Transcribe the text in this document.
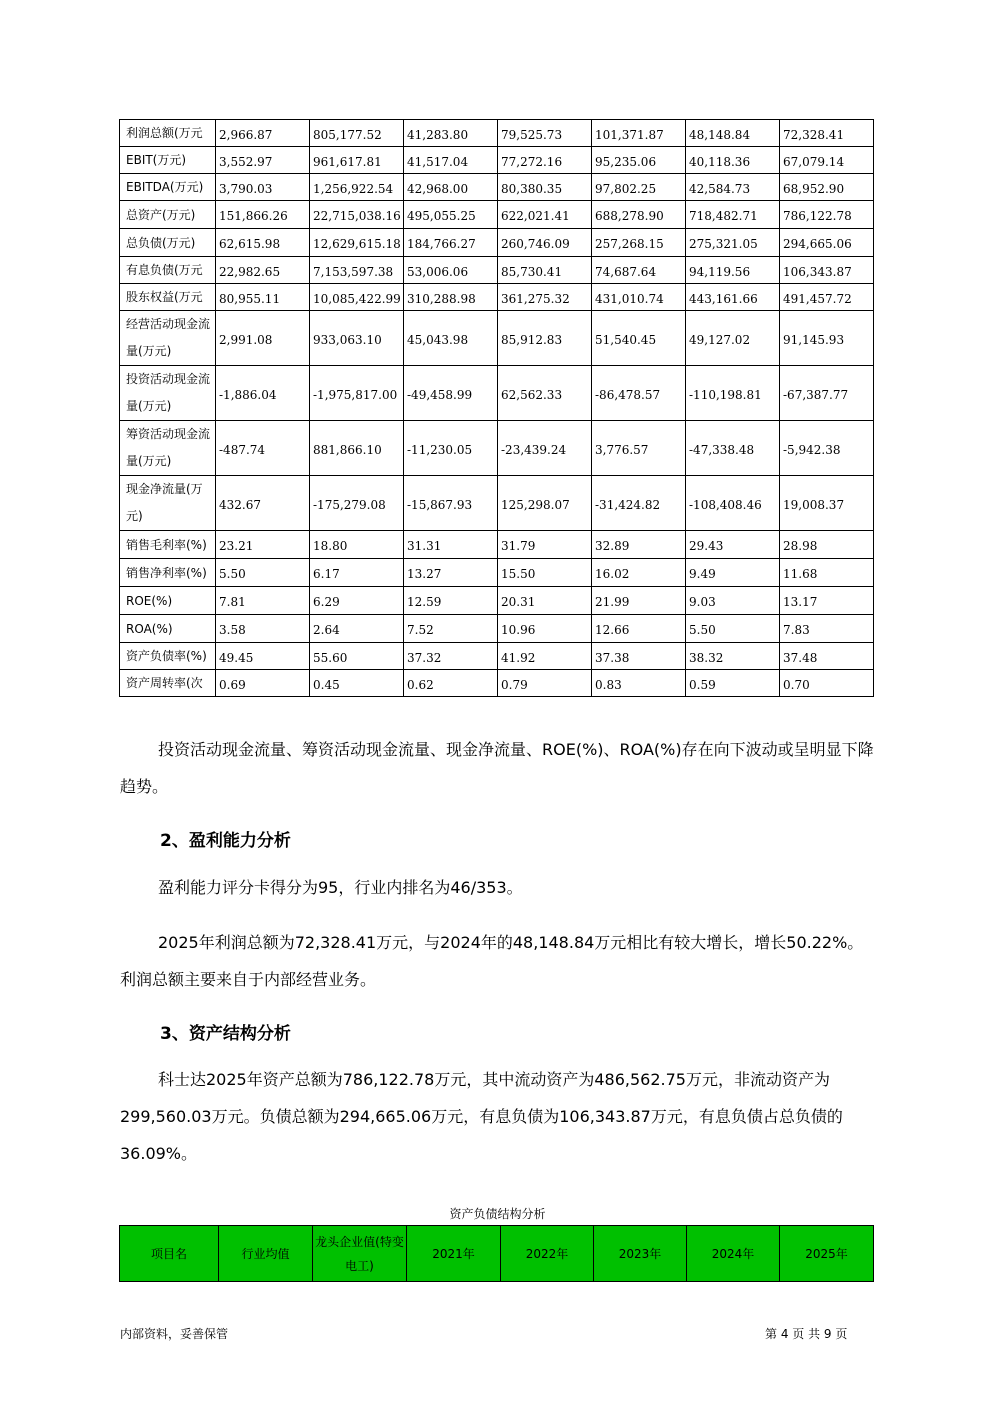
利润总额(万元	2,966.87	805,177.52	41,283.80	79,525.73	101,371.87	48,148.84	72,328.41
EBIT(万元)	3,552.97	961,617.81	41,517.04	77,272.16	95,235.06	40,118.36	67,079.14
EBITDA(万元)	3,790.03	1,256,922.54	42,968.00	80,380.35	97,802.25	42,584.73	68,952.90
总资产(万元)	151,866.26	22,715,038.16	495,055.25	622,021.41	688,278.90	718,482.71	786,122.78
总负债(万元)	62,615.98	12,629,615.18	184,766.27	260,746.09	257,268.15	275,321.05	294,665.06
有息负债(万元	22,982.65	7,153,597.38	53,006.06	85,730.41	74,687.64	94,119.56	106,343.87
股东权益(万元	80,955.11	10,085,422.99	310,288.98	361,275.32	431,010.74	443,161.66	491,457.72
经营活动现金流量(万元)	2,991.08	933,063.10	45,043.98	85,912.83	51,540.45	49,127.02	91,145.93
投资活动现金流量(万元)	-1,886.04	-1,975,817.00	-49,458.99	62,562.33	-86,478.57	-110,198.81	-67,387.77
筹资活动现金流量(万元)	-487.74	881,866.10	-11,230.05	-23,439.24	3,776.57	-47,338.48	-5,942.38
现金净流量(万元)	432.67	-175,279.08	-15,867.93	125,298.07	-31,424.82	-108,408.46	19,008.37
销售毛利率(%)	23.21	18.80	31.31	31.79	32.89	29.43	28.98
销售净利率(%)	5.50	6.17	13.27	15.50	16.02	9.49	11.68
ROE(%)	7.81	6.29	12.59	20.31	21.99	9.03	13.17
ROA(%)	3.58	2.64	7.52	10.96	12.66	5.50	7.83
资产负债率(%)	49.45	55.60	37.32	41.92	37.38	38.32	37.48
资产周转率(次	0.69	0.45	0.62	0.79	0.83	0.59	0.70
投资活动现金流量、筹资活动现金流量、现金净流量、ROE(%)、ROA(%)存在向下波动或呈明显下降趋势。
2、盈利能力分析
盈利能力评分卡得分为95，行业内排名为46/353。
2025年利润总额为72,328.41万元，与2024年的48,148.84万元相比有较大增长，增长50.22%。利润总额主要来自于内部经营业务。
3、资产结构分析
科士达2025年资产总额为786,122.78万元，其中流动资产为486,562.75万元，非流动资产为299,560.03万元。负债总额为294,665.06万元，有息负债为106,343.87万元，有息负债占总负债的36.09%。
资产负债结构分析
项目名	行业均值	龙头企业值(特变电工)	2021年	2022年	2023年	2024年	2025年
内部资料，妥善保管	第 4 页 共 9 页
